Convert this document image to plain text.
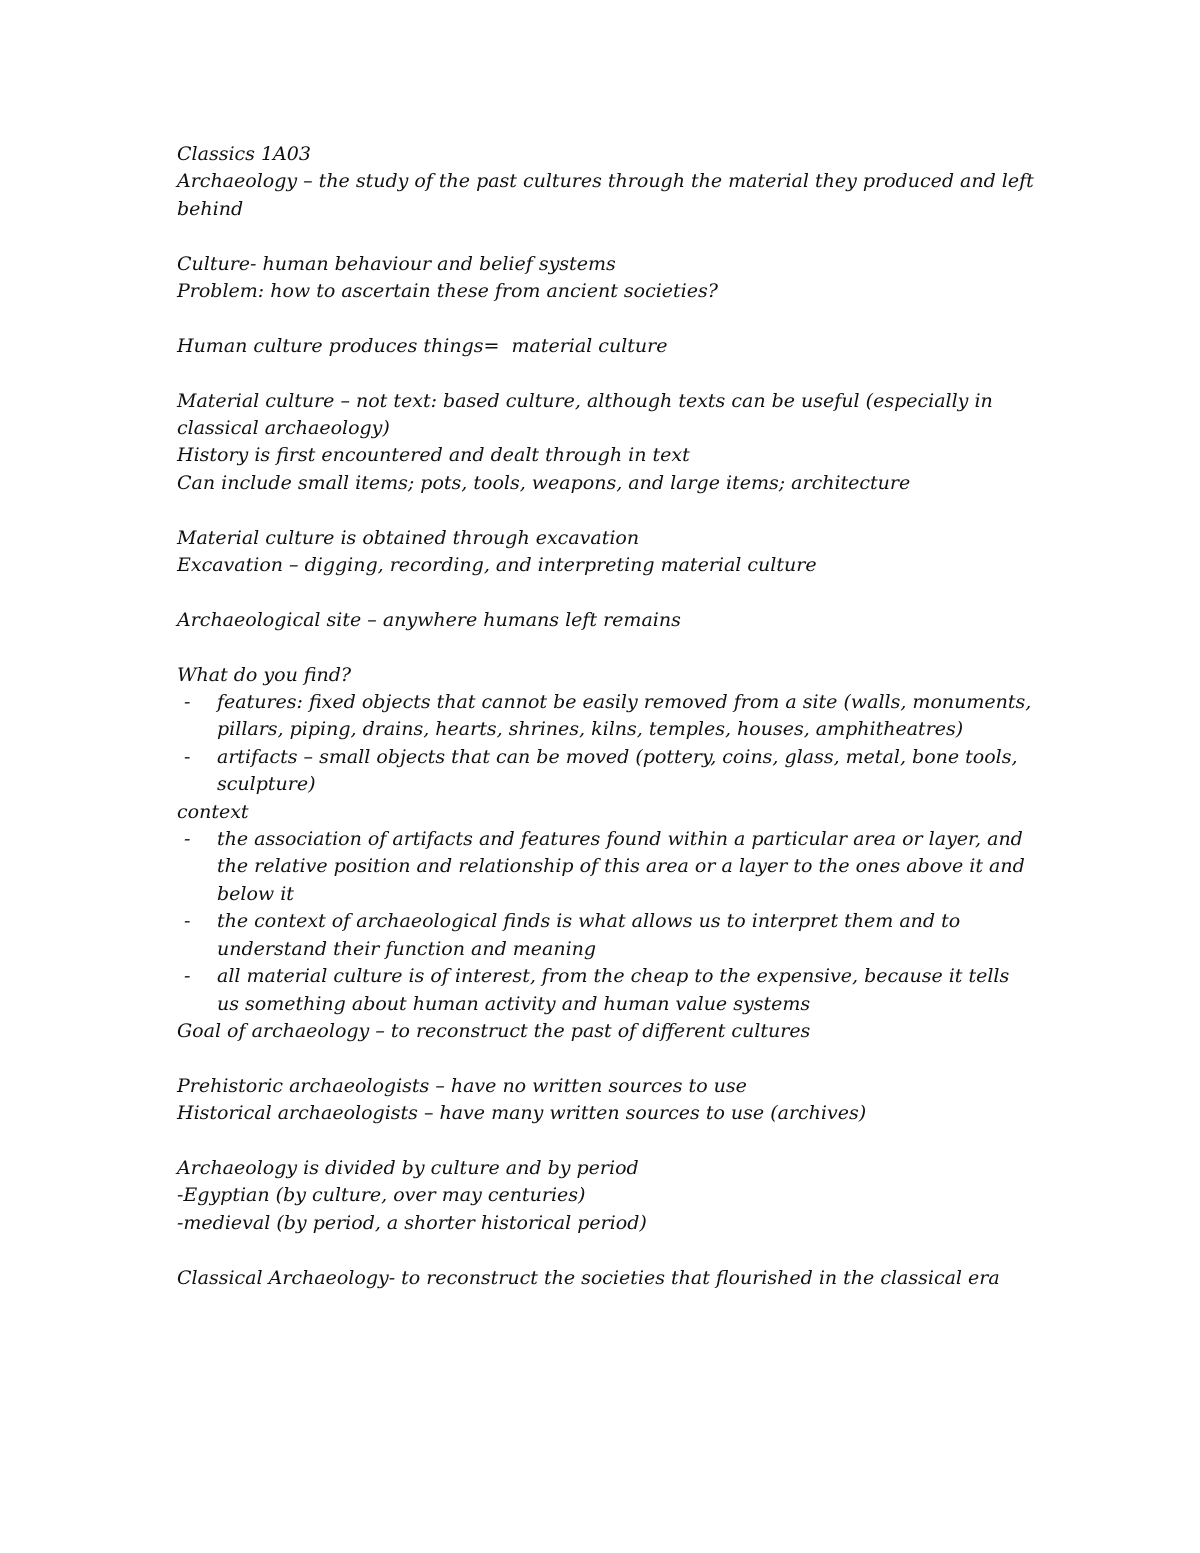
Classics 1A03

Archaeology – the study of the past cultures through the material they produced and left behind

Culture- human behaviour and belief systems

Problem: how to ascertain these from ancient societies?

Human culture produces things=  material culture

Material culture – not text: based culture, although texts can be useful (especially in classical archaeology)

History is first encountered and dealt through in text

Can include small items; pots, tools, weapons, and large items; architecture

Material culture is obtained through excavation

Excavation – digging, recording, and interpreting material culture

Archaeological site – anywhere humans left remains

What do you find?

- features: fixed objects that cannot be easily removed from a site (walls, monuments, pillars, piping, drains, hearts, shrines, kilns, temples, houses, amphitheatres)
- artifacts – small objects that can be moved (pottery, coins, glass, metal, bone tools, sculpture)

context

- the association of artifacts and features found within a particular area or layer, and the relative position and relationship of this area or a layer to the ones above it and below it
- the context of archaeological finds is what allows us to interpret them and to understand their function and meaning
- all material culture is of interest, from the cheap to the expensive, because it tells us something about human activity and human value systems

Goal of archaeology – to reconstruct the past of different cultures

Prehistoric archaeologists – have no written sources to use

Historical archaeologists – have many written sources to use (archives)

Archaeology is divided by culture and by period

-Egyptian (by culture, over may centuries)

-medieval (by period, a shorter historical period)

Classical Archaeology- to reconstruct the societies that flourished in the classical era
